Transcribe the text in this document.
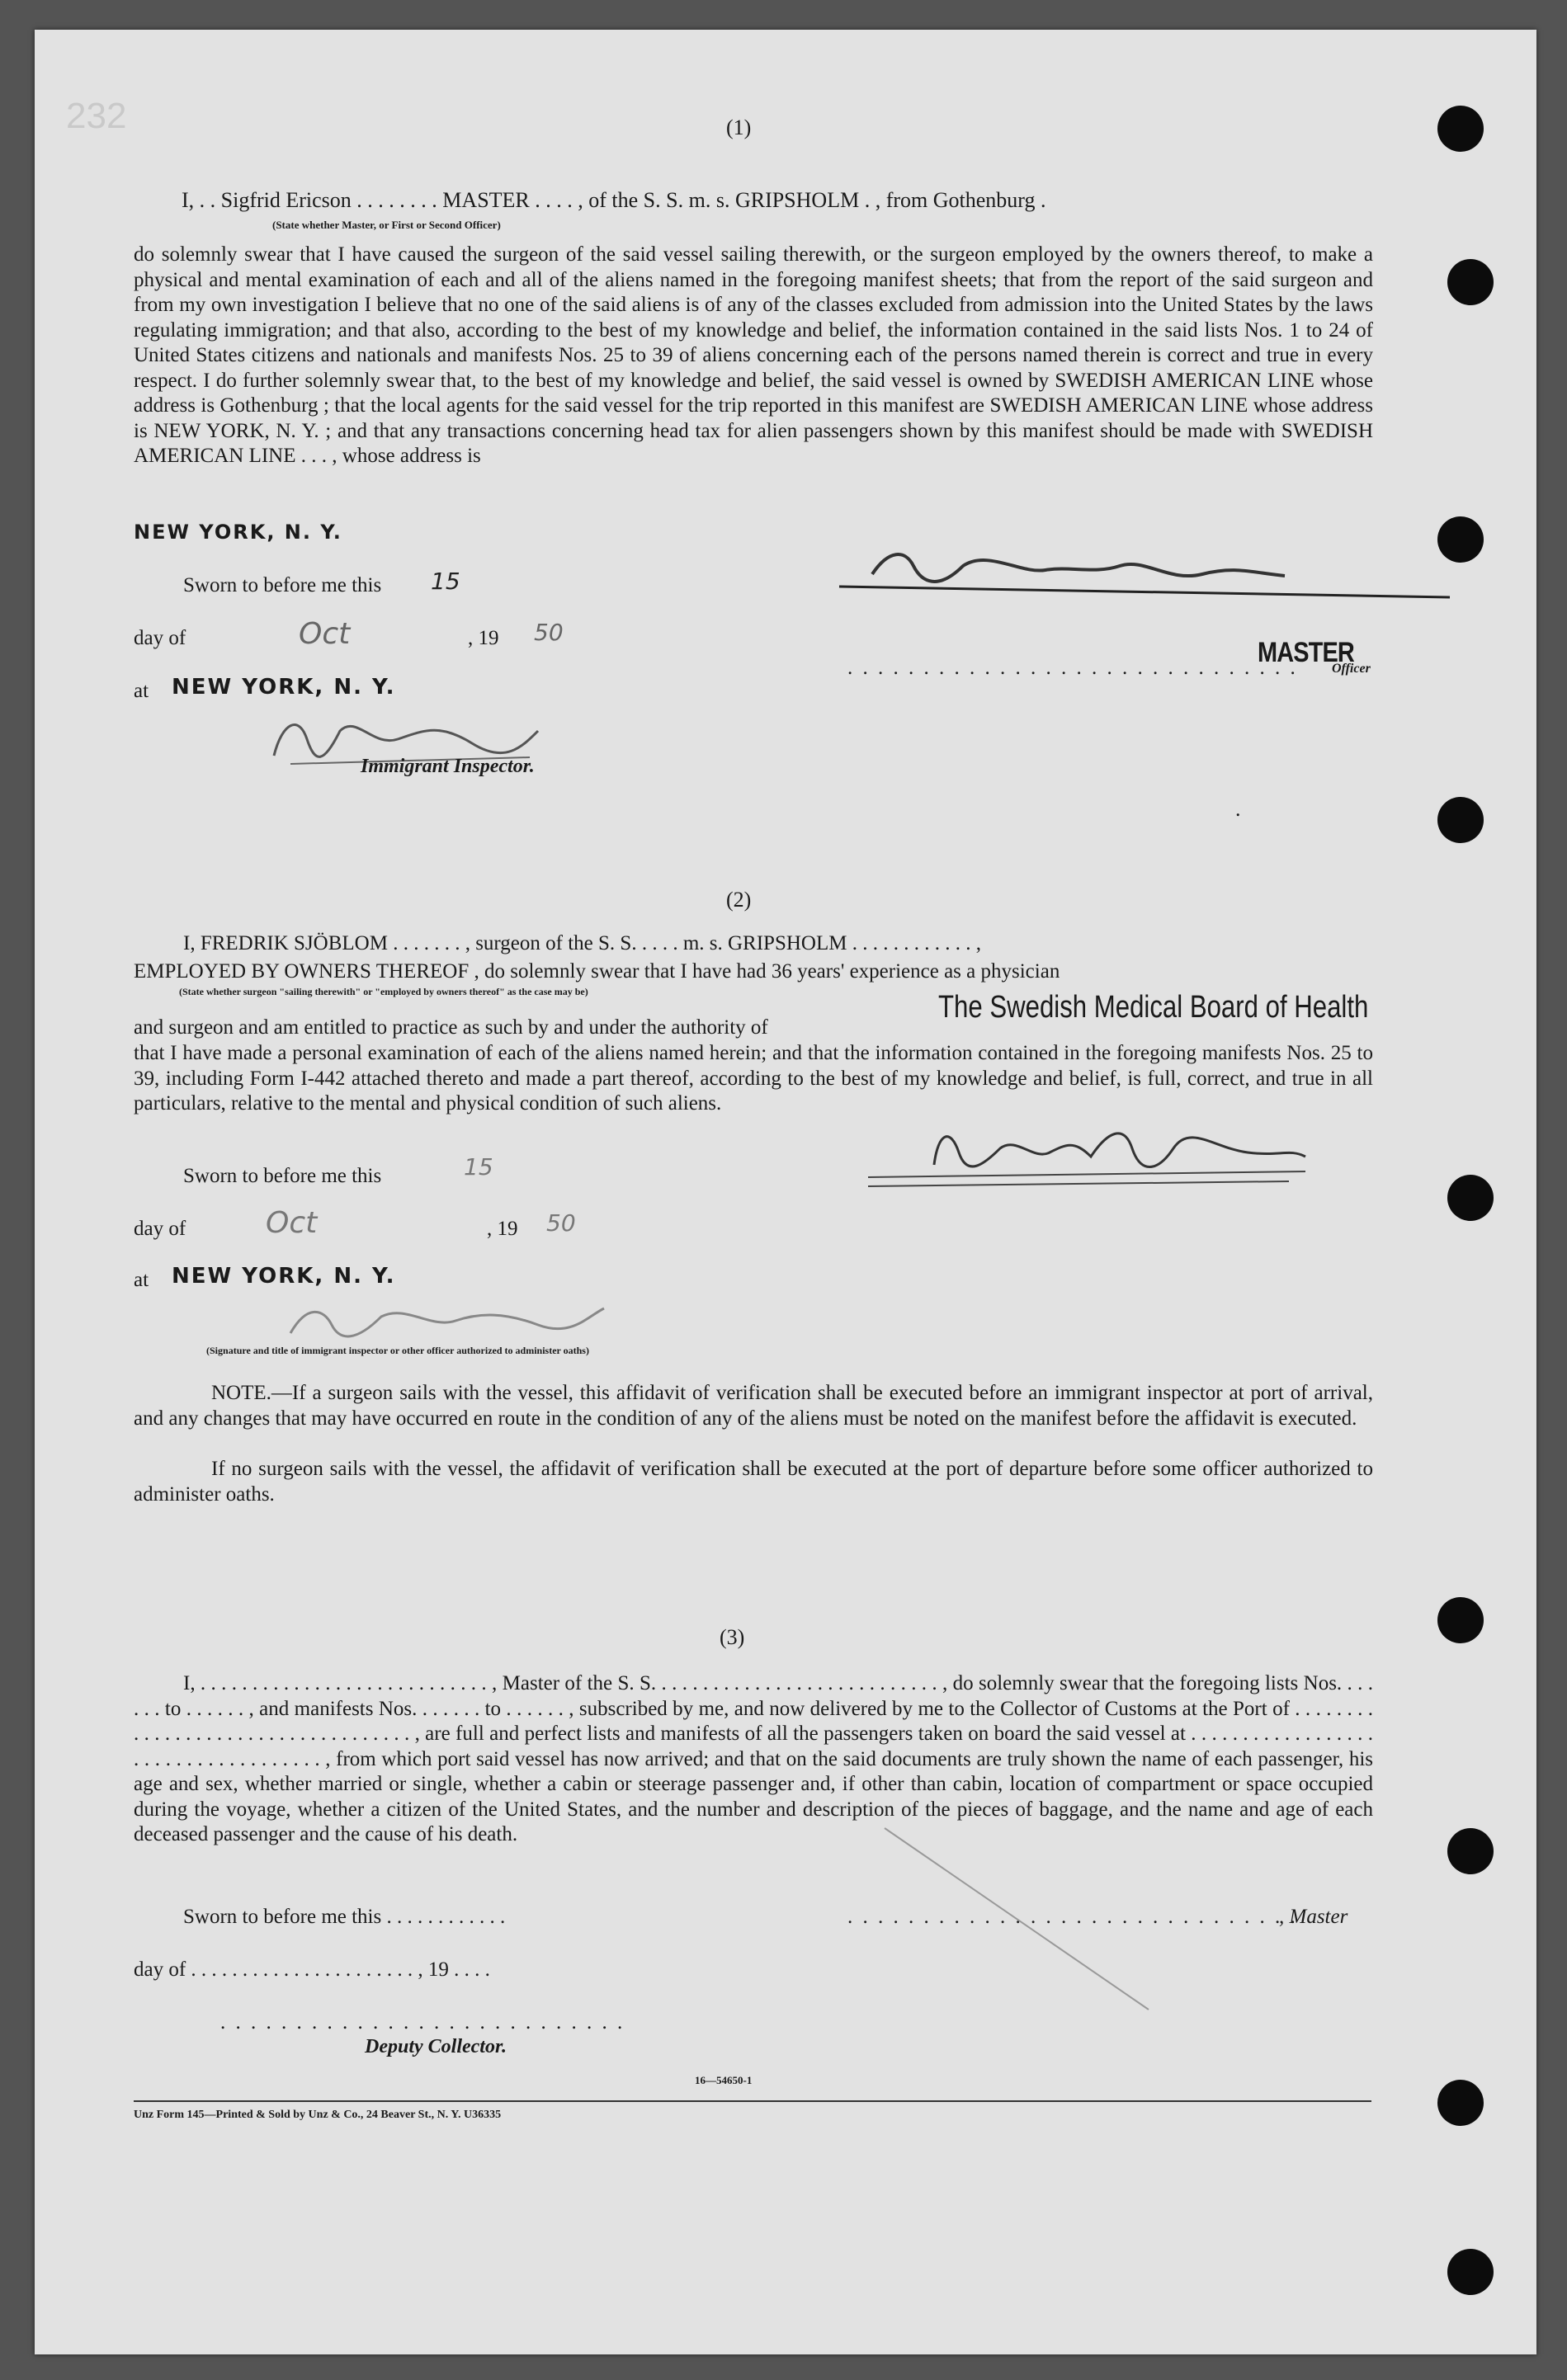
232	(1)
I, . . Sigfrid Ericson . . . . . . . . MASTER . . . . , of the S. S. m. s. GRIPSHOLM . , from Gothenburg .
(State whether Master, or First or Second Officer)
do solemnly swear that I have caused the surgeon of the said vessel sailing therewith, or the surgeon employed by the owners thereof, to make a physical and mental examination of each and all of the aliens named in the foregoing manifest sheets; that from the report of the said surgeon and from my own investigation I believe that no one of the said aliens is of any of the classes excluded from admission into the United States by the laws regulating immigration; and that also, according to the best of my knowledge and belief, the information contained in the said lists Nos. 1 to 24 of United States citizens and nationals and manifests Nos. 25 to 39 of aliens concerning each of the persons named therein is correct and true in every respect. I do further solemnly swear that, to the best of my knowledge and belief, the said vessel is owned by SWEDISH AMERICAN LINE whose address is Gothenburg ; that the local agents for the said vessel for the trip reported in this manifest are SWEDISH AMERICAN LINE whose address is NEW YORK, N. Y. ; and that any transactions concerning head tax for alien passengers shown by this manifest should be made with SWEDISH AMERICAN LINE . . . , whose address is
NEW YORK, N. Y.
Sworn to before me this 15
day of	Oct	, 19 50
at NEW YORK, N. Y.
Immigrant Inspector.
. . . . . . . . . . . . . . . . . . . . . . . . . . . . . .
MASTER
Officer
.
(2)
I, FREDRIK SJÖBLOM . . . . . . . , surgeon of the S. S. . . . . m. s. GRIPSHOLM . . . . . . . . . . . . ,
EMPLOYED BY OWNERS THEREOF , do solemnly swear that I have had 36 years' experience as a physician
(State whether surgeon "sailing therewith" or "employed by owners thereof" as the case may be)
and surgeon and am entitled to practice as such by and under the authority of
The Swedish Medical Board of Health
that I have made a personal examination of each of the aliens named herein; and that the information contained in the foregoing manifests Nos. 25 to 39, including Form I-442 attached thereto and made a part thereof, according to the best of my knowledge and belief, is full, correct, and true in all particulars, relative to the mental and physical condition of such aliens.
Sworn to before me this	15
day of	Oct	, 19 50
at NEW YORK, N. Y.
(Signature and title of immigrant inspector or other officer authorized to administer oaths)
NOTE.—If a surgeon sails with the vessel, this affidavit of verification shall be executed before an immigrant inspector at port of arrival, and any changes that may have occurred en route in the condition of any of the aliens must be noted on the manifest before the affidavit is executed.
If no surgeon sails with the vessel, the affidavit of verification shall be executed at the port of departure before some officer authorized to administer oaths.
(3)
I, . . . . . . . . . . . . . . . . . . . . . . . . . . . . , Master of the S. S. . . . . . . . . . . . . . . . . . . . . . . . . . . . , do solemnly swear that the foregoing lists Nos. . . . . . . to . . . . . . , and manifests Nos. . . . . . . to . . . . . . , subscribed by me, and now delivered by me to the Collector of Customs at the Port of . . . . . . . . . . . . . . . . . . . . . . . . . . . . . . . . . . . , are full and perfect lists and manifests of all the passengers taken on board the said vessel at . . . . . . . . . . . . . . . . . . . . . . . . . . . . . . . . . . . . , from which port said vessel has now arrived; and that on the said documents are truly shown the name of each passenger, his age and sex, whether married or single, whether a cabin or steerage passenger and, if other than cabin, location of compartment or space occupied during the voyage, whether a citizen of the United States, and the number and description of the pieces of baggage, and the name and age of each deceased passenger and the cause of his death.
Sworn to before me this . . . . . . . . . . . .	. . . . . . . . . . . . . . . . . . . . . . . . . . . . . .
, Master
day of . . . . . . . . . . . . . . . . . . . . . . , 19 . . . .
. . . . . . . . . . . . . . . . . . . . . . . . . . .
Deputy Collector.
16—54650-1
Unz Form 145—Printed & Sold by Unz & Co., 24 Beaver St., N. Y. U36335
